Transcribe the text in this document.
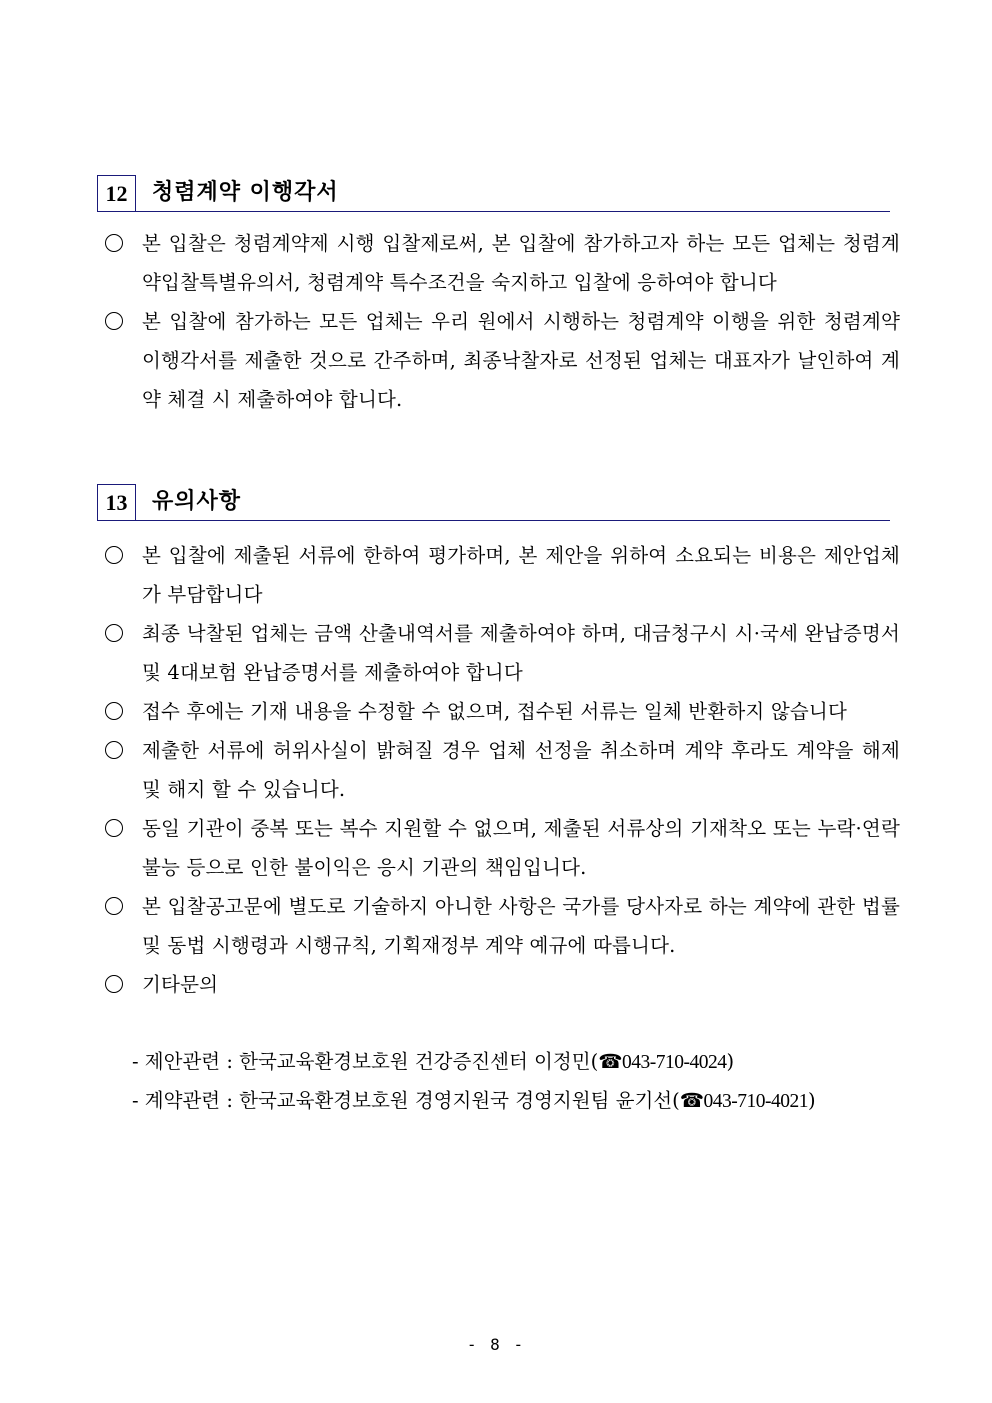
12	청렴계약 이행각서
본 입찰은 청렴계약제 시행 입찰제로써, 본 입찰에 참가하고자 하는 모든 업체는 청렴계약입찰특별유의서, 청렴계약 특수조건을 숙지하고 입찰에 응하여야 합니다
본 입찰에 참가하는 모든 업체는 우리 원에서 시행하는 청렴계약 이행을 위한 청렴계약 이행각서를 제출한 것으로 간주하며, 최종낙찰자로 선정된 업체는 대표자가 날인하여 계약 체결 시 제출하여야 합니다.
13	유의사항
본 입찰에 제출된 서류에 한하여 평가하며, 본 제안을 위하여 소요되는 비용은 제안업체가 부담합니다
최종 낙찰된 업체는 금액 산출내역서를 제출하여야 하며, 대금청구시 시·국세 완납증명서 및 4대보험 완납증명서를 제출하여야 합니다
접수 후에는 기재 내용을 수정할 수 없으며, 접수된 서류는 일체 반환하지 않습니다
제출한 서류에 허위사실이 밝혀질 경우 업체 선정을 취소하며 계약 후라도 계약을 해제 및 해지 할 수 있습니다.
동일 기관이 중복 또는 복수 지원할 수 없으며, 제출된 서류상의 기재착오 또는 누락·연락불능 등으로 인한 불이익은 응시 기관의 책임입니다.
본 입찰공고문에 별도로 기술하지 아니한 사항은 국가를 당사자로 하는 계약에 관한 법률 및 동법 시행령과 시행규칙, 기획재정부 계약 예규에 따릅니다.
기타문의
- 제안관련 : 한국교육환경보호원 건강증진센터 이정민(☎043-710-4024)
- 계약관련 : 한국교육환경보호원 경영지원국 경영지원팀 윤기선(☎043-710-4021)
- 8 -
